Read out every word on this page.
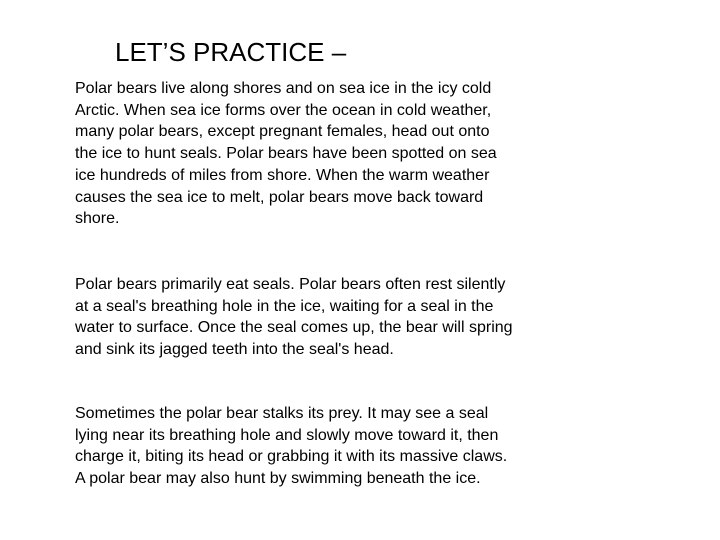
LET’S PRACTICE –

Polar bears live along shores and on sea ice in the icy cold Arctic. When sea ice forms over the ocean in cold weather, many polar bears, except pregnant females, head out onto the ice to hunt seals. Polar bears have been spotted on sea ice hundreds of miles from shore. When the warm weather causes the sea ice to melt, polar bears move back toward shore.

Polar bears primarily eat seals. Polar bears often rest silently at a seal's breathing hole in the ice, waiting for a seal in the water to surface. Once the seal comes up, the bear will spring and sink its jagged teeth into the seal's head.

Sometimes the polar bear stalks its prey. It may see a seal lying near its breathing hole and slowly move toward it, then charge it, biting its head or grabbing it with its massive claws. A polar bear may also hunt by swimming beneath the ice.
